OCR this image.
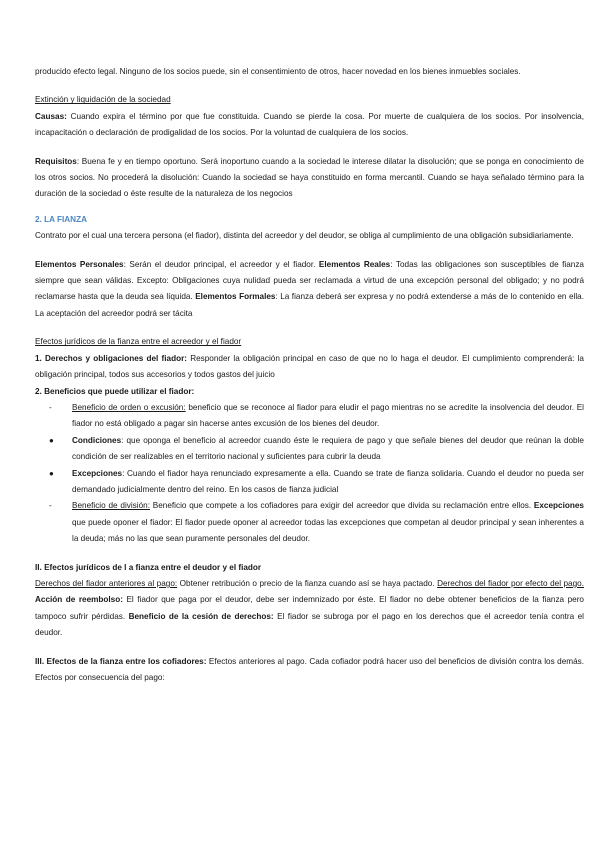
producido efecto legal. Ninguno de los socios puede, sin el consentimiento de otros, hacer novedad en los bienes inmuebles sociales.

Extinción y liquidación de la sociedad

Causas: Cuando expira el término por que fue constituida. Cuando se pierde la cosa. Por muerte de cualquiera de los socios. Por insolvencia, incapacitación o declaración de prodigalidad de los socios. Por la voluntad de cualquiera de los socios.

Requisitos: Buena fe y en tiempo oportuno. Será inoportuno cuando a la sociedad le interese dilatar la disolución; que se ponga en conocimiento de los otros socios. No procederá la disolución: Cuando la sociedad se haya constituido en forma mercantil. Cuando se haya señalado término para la duración de la sociedad o éste resulte de la naturaleza de los negocios

2. LA FIANZA

Contrato por el cual una tercera persona (el fiador), distinta del acreedor y del deudor, se obliga al cumplimiento de una obligación subsidiariamente.

Elementos Personales: Serán el deudor principal, el acreedor y el fiador. Elementos Reales: Todas las obligaciones son susceptibles de fianza siempre que sean válidas. Excepto: Obligaciones cuya nulidad pueda ser reclamada a virtud de una excepción personal del obligado; y no podrá reclamarse hasta que la deuda sea líquida. Elementos Formales: La fianza deberá ser expresa y no podrá extenderse a más de lo contenido en ella. La aceptación del acreedor podrá ser tácita

Efectos jurídicos de la fianza entre el acreedor y el fiador

1. Derechos y obligaciones del fiador: Responder la obligación principal en caso de que no lo haga el deudor. El cumplimiento comprenderá: la obligación principal, todos sus accesorios y todos gastos del juicio

2. Beneficios que puede utilizar el fiador:

- Beneficio de orden o excusión: beneficio que se reconoce al fiador para eludir el pago mientras no se acredite la insolvencia del deudor. El fiador no está obligado a pagar sin hacerse antes excusión de los bienes del deudor.
● Condiciones: que oponga el beneficio al acreedor cuando éste le requiera de pago y que señale bienes del deudor que reúnan la doble condición de ser realizables en el territorio nacional y suficientes para cubrir la deuda
● Excepciones: Cuando el fiador haya renunciado expresamente a ella. Cuando se trate de fianza solidaria. Cuando el deudor no pueda ser demandado judicialmente dentro del reino. En los casos de fianza judicial
- Beneficio de división: Beneficio que compete a los cofiadores para exigir del acreedor que divida su reclamación entre ellos. Excepciones que puede oponer el fiador: El fiador puede oponer al acreedor todas las excepciones que competan al deudor principal y sean inherentes a la deuda; más no las que sean puramente personales del deudor.

II. Efectos jurídicos de l a fianza entre el deudor y el fiador

Derechos del fiador anteriores al pago: Obtener retribución o precio de la fianza cuando así se haya pactado. Derechos del fiador por efecto del pago. Acción de reembolso: El fiador que paga por el deudor, debe ser indemnizado por éste. El fiador no debe obtener beneficios de la fianza pero tampoco sufrir pérdidas. Beneficio de la cesión de derechos: El fiador se subroga por el pago en los derechos que el acreedor tenía contra el deudor.

III. Efectos de la fianza entre los cofiadores: Efectos anteriores al pago. Cada cofiador podrá hacer uso del beneficios de división contra los demás. Efectos por consecuencia del pago:
